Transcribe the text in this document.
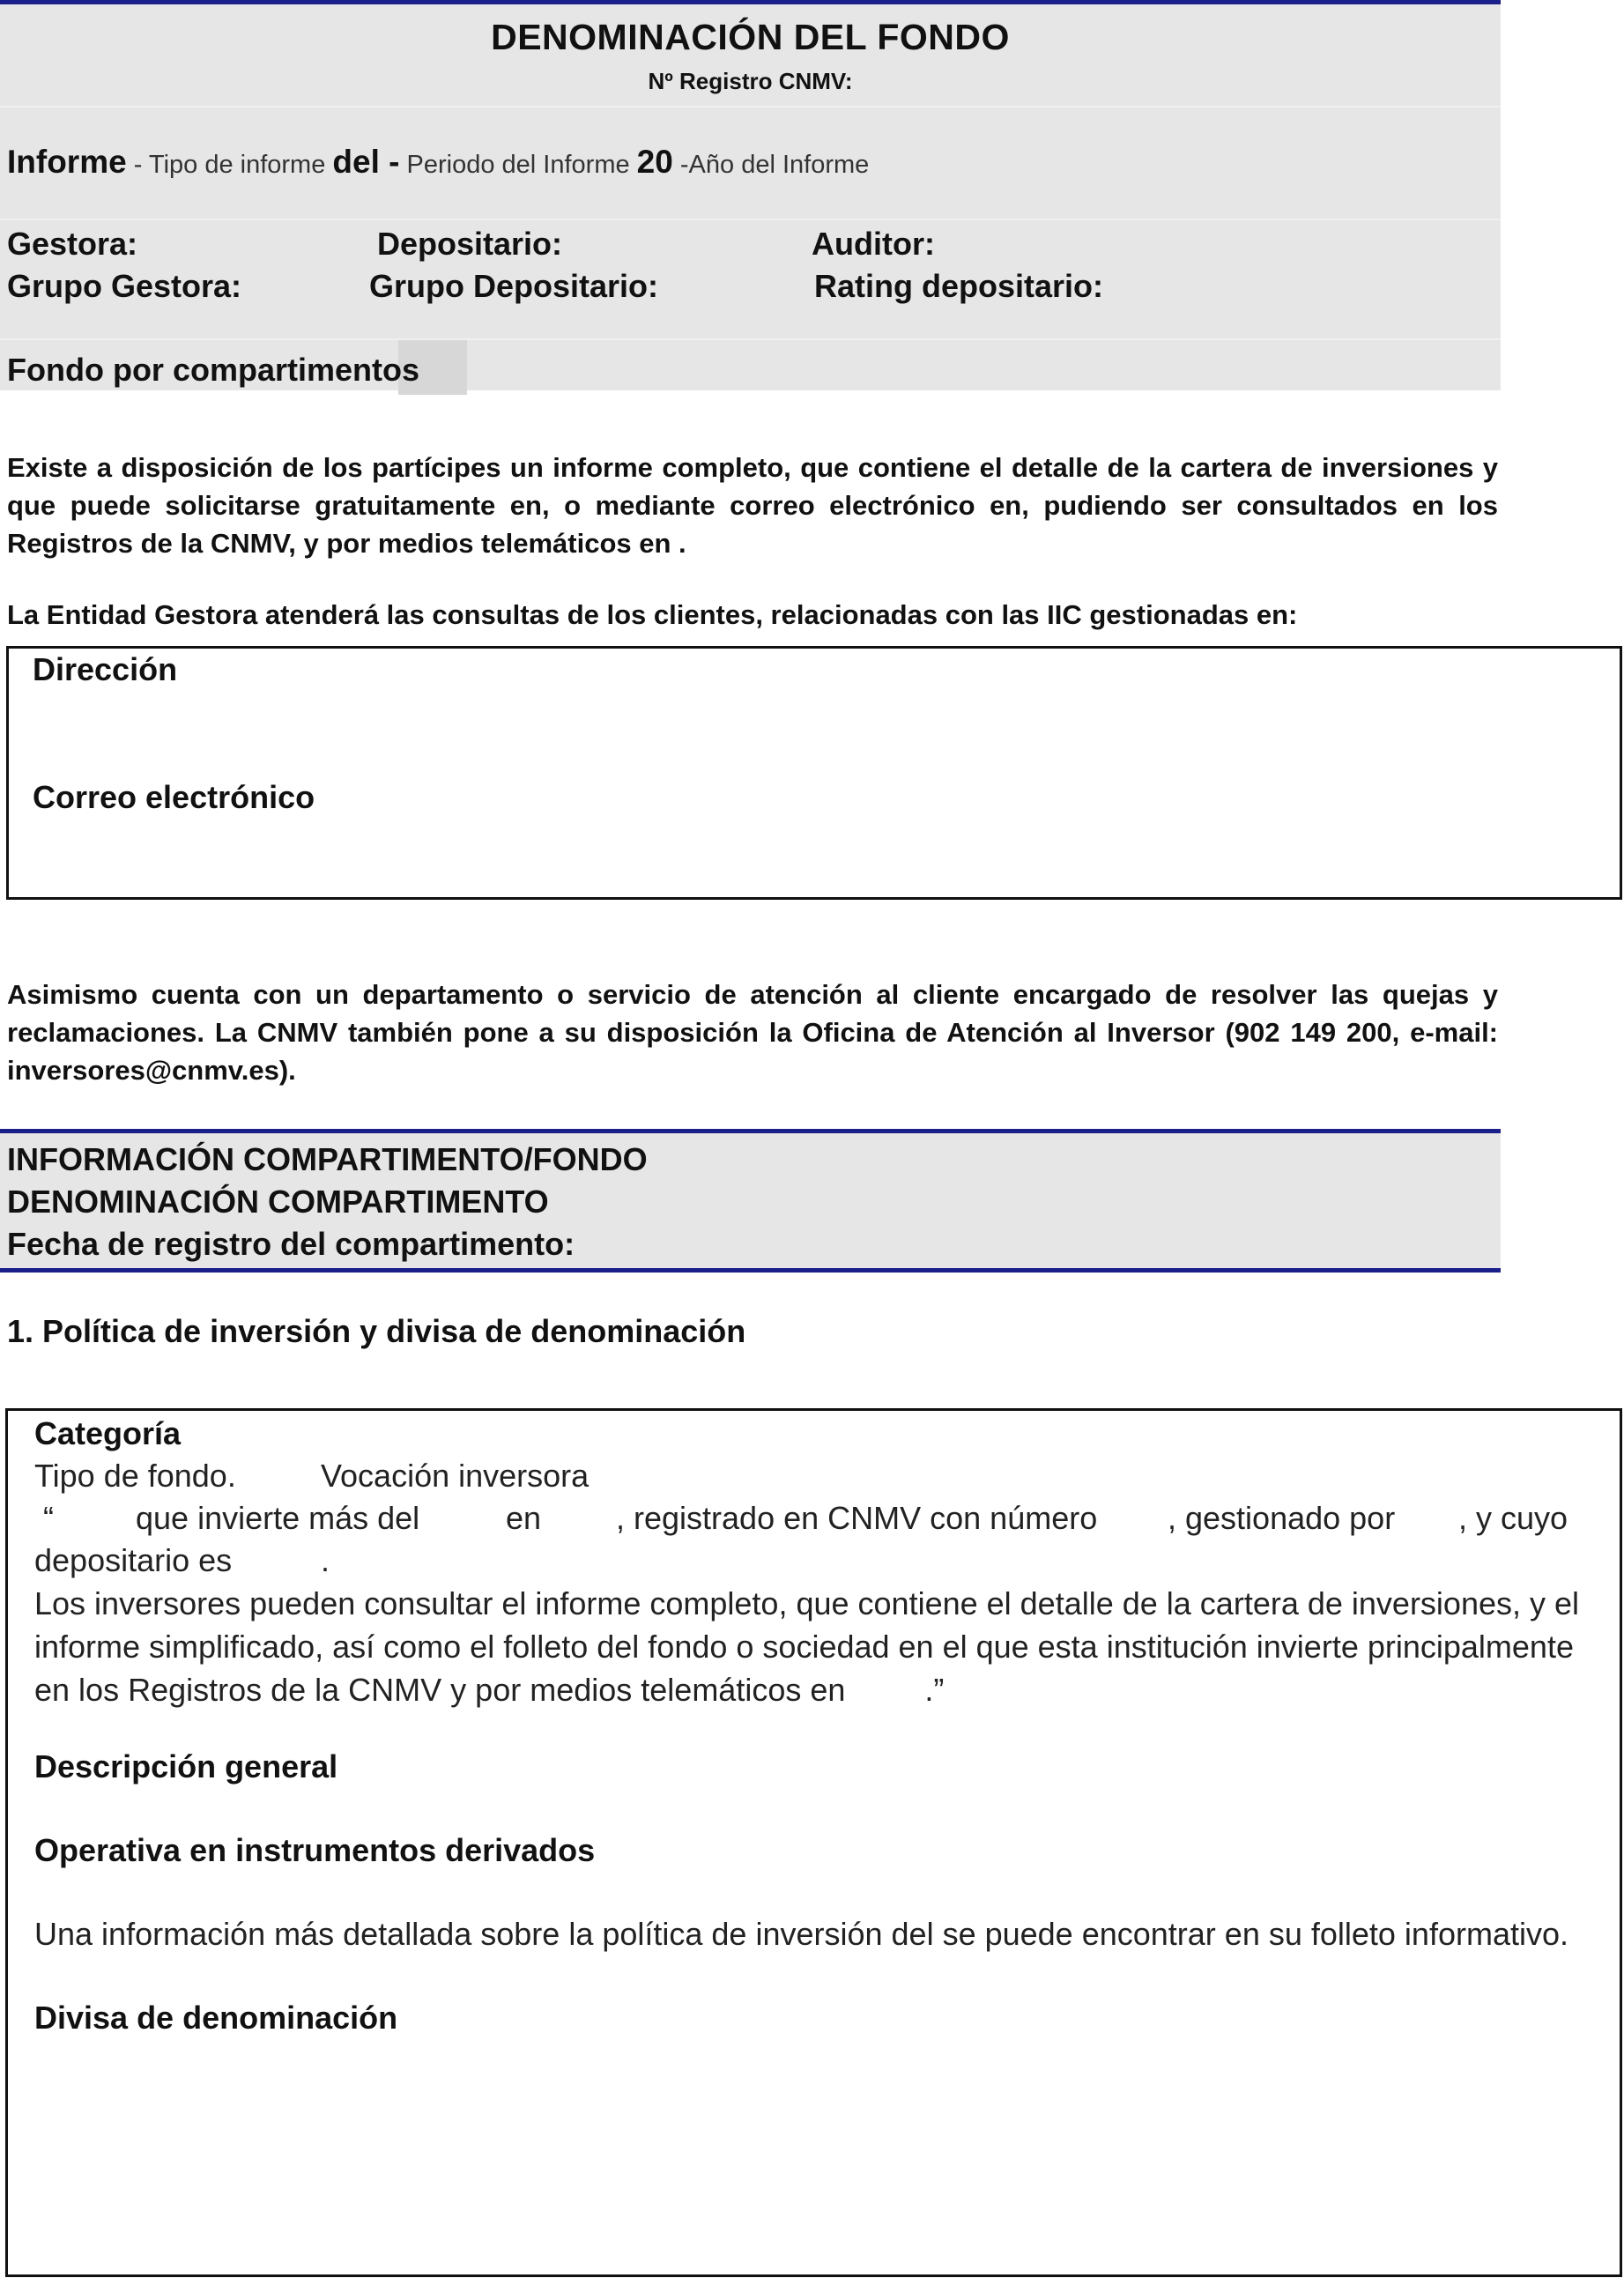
DENOMINACIÓN DEL FONDO
Nº Registro CNMV:
Informe - Tipo de informe del - Periodo del Informe 20 -Año del Informe
Gestora:	Depositario:	Auditor:
Grupo Gestora:	Grupo Depositario:	Rating depositario:
Fondo por compartimentos
Existe a disposición de los partícipes un informe completo, que contiene el detalle de la cartera de inversiones y que puede solicitarse gratuitamente en, o mediante correo electrónico en, pudiendo ser consultados en los Registros de la CNMV, y por medios telemáticos en .
La Entidad Gestora atenderá las consultas de los clientes, relacionadas con las IIC gestionadas en:
Dirección
Correo electrónico
Asimismo cuenta con un departamento o servicio de atención al cliente encargado de resolver las quejas y reclamaciones. La CNMV también pone a su disposición la Oficina de Atención al Inversor (902 149 200, e-mail: inversores@cnmv.es).
INFORMACIÓN COMPARTIMENTO/FONDO
DENOMINACIÓN COMPARTIMENTO
Fecha de registro del compartimento:
1. Política de inversión y divisa de denominación
Categoría
Tipo de fondo.	Vocación inversora
“	que invierte más del	en , registrado en CNMV con número , gestionado por , y cuyo
depositario es	.
Los inversores pueden consultar el informe completo, que contiene el detalle de la cartera de inversiones, y el informe simplificado, así como el folleto del fondo o sociedad en el que esta institución invierte principalmente en los Registros de la CNMV y por medios telemáticos en	.”
Descripción general
Operativa en instrumentos derivados
Una información más detallada sobre la política de inversión del se puede encontrar en su folleto informativo.
Divisa de denominación
